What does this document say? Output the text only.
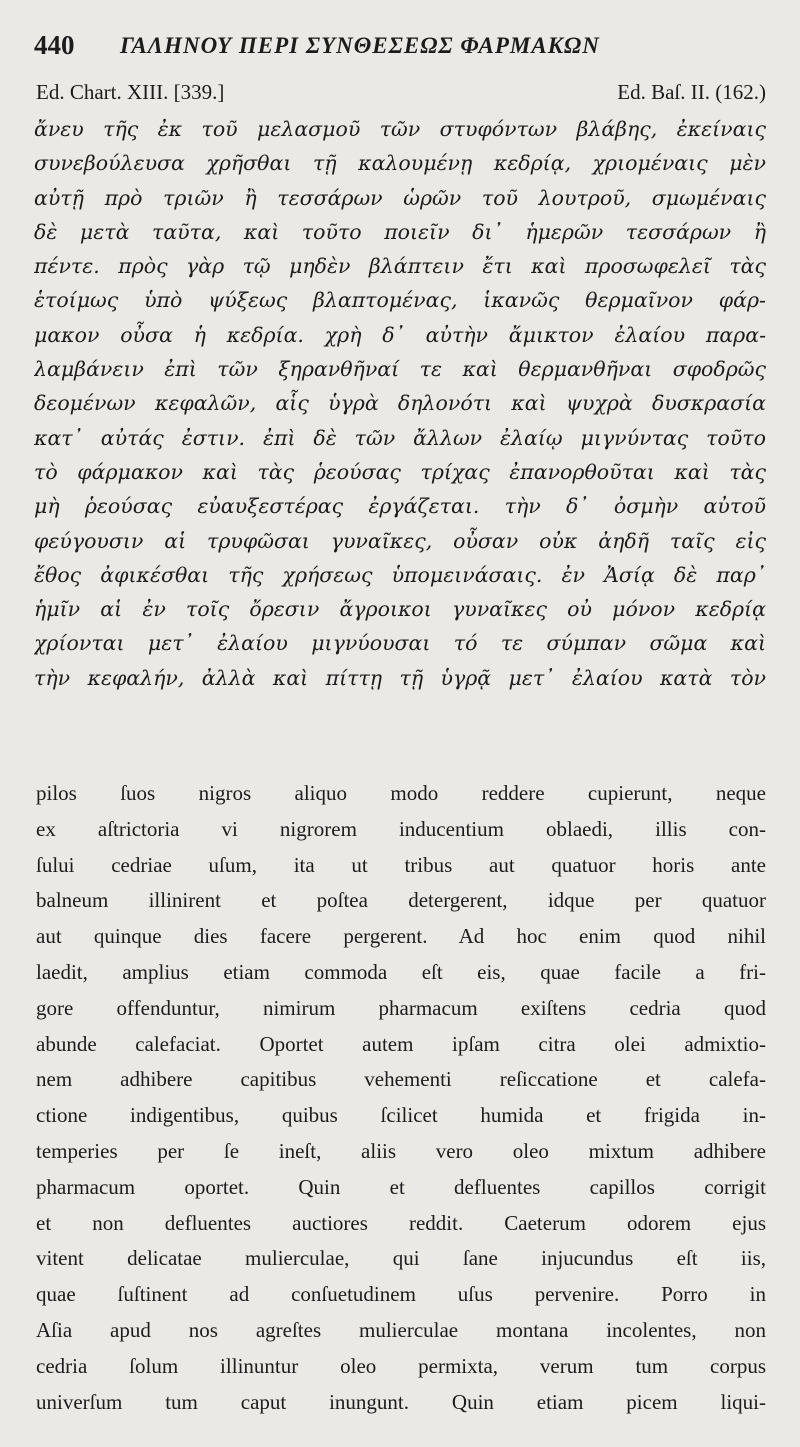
440 ΓΑΛΗΝΟΥ ΠΕΡΙ ΣΥΝΘΕΣΕΩΣ ΦΑΡΜΑΚΩΝ
Ed. Chart. XIII. [339.]	Ed. Baſ. II. (162.)
ἄνευ τῆς ἐκ τοῦ μελασμοῦ τῶν στυφόντων βλάβης, ἐκείναις
συνεβούλευσα χρῆσθαι τῇ καλουμένῃ κεδρίᾳ, χριομέναις μὲν
αὐτῇ πρὸ τριῶν ἢ τεσσάρων ὡρῶν τοῦ λουτροῦ, σμωμέναις
δὲ μετὰ ταῦτα, καὶ τοῦτο ποιεῖν δι᾽ ἡμερῶν τεσσάρων ἢ
πέντε. πρὸς γὰρ τῷ μηδὲν βλάπτειν ἔτι καὶ προσωφελεῖ τὰς
ἑτοίμως ὑπὸ ψύξεως βλαπτομένας, ἱκανῶς θερμαῖνον φάρ-
μακον οὖσα ἡ κεδρία. χρὴ δ᾽ αὐτὴν ἄμικτον ἐλαίου παρα-
λαμβάνειν ἐπὶ τῶν ξηρανθῆναί τε καὶ θερμανθῆναι σφοδρῶς
δεομένων κεφαλῶν, αἷς ὑγρὰ δηλονότι καὶ ψυχρὰ δυσκρασία
κατ᾽ αὐτάς ἐστιν. ἐπὶ δὲ τῶν ἄλλων ἐλαίῳ μιγνύντας τοῦτο
τὸ φάρμακον καὶ τὰς ῥεούσας τρίχας ἐπανορθοῦται καὶ τὰς
μὴ ῥεούσας εὐαυξεστέρας ἐργάζεται. τὴν δ᾽ ὀσμὴν αὐτοῦ
φεύγουσιν αἱ τρυφῶσαι γυναῖκες, οὖσαν οὐκ ἀηδῆ ταῖς εἰς
ἔθος ἀφικέσθαι τῆς χρήσεως ὑπομεινάσαις. ἐν Ἀσίᾳ δὲ παρ᾽
ἡμῖν αἱ ἐν τοῖς ὄρεσιν ἄγροικοι γυναῖκες οὐ μόνον κεδρίᾳ
χρίονται μετ᾽ ἐλαίου μιγνύουσαι τό τε σύμπαν σῶμα καὶ
τὴν κεφαλήν, ἀλλὰ καὶ πίττῃ τῇ ὑγρᾷ μετ᾽ ἐλαίου κατὰ τὸν
pilos ſuos nigros aliquo modo reddere cupierunt, neque
ex aſtrictoria vi nigrorem inducentium oblaedi, illis con-
ſului cedriae uſum, ita ut tribus aut quatuor horis ante
balneum illinirent et poſtea detergerent, idque per quatuor
aut quinque dies facere pergerent. Ad hoc enim quod nihil
laedit, amplius etiam commoda eſt eis, quae facile a fri-
gore offenduntur, nimirum pharmacum exiſtens cedria quod
abunde calefaciat. Oportet autem ipſam citra olei admixtio-
nem adhibere capitibus vehementi reſiccatione et calefa-
ctione indigentibus, quibus ſcilicet humida et frigida in-
temperies per ſe ineſt, aliis vero oleo mixtum adhibere
pharmacum oportet. Quin et defluentes capillos corrigit
et non defluentes auctiores reddit. Caeterum odorem ejus
vitent delicatae mulierculae, qui ſane injucundus eſt iis,
quae ſuſtinent ad conſuetudinem uſus pervenire. Porro in
Aſia apud nos agreſtes mulierculae montana incolentes, non
cedria ſolum illinuntur oleo permixta, verum tum corpus
univerſum tum caput inungunt. Quin etiam picem liqui-
